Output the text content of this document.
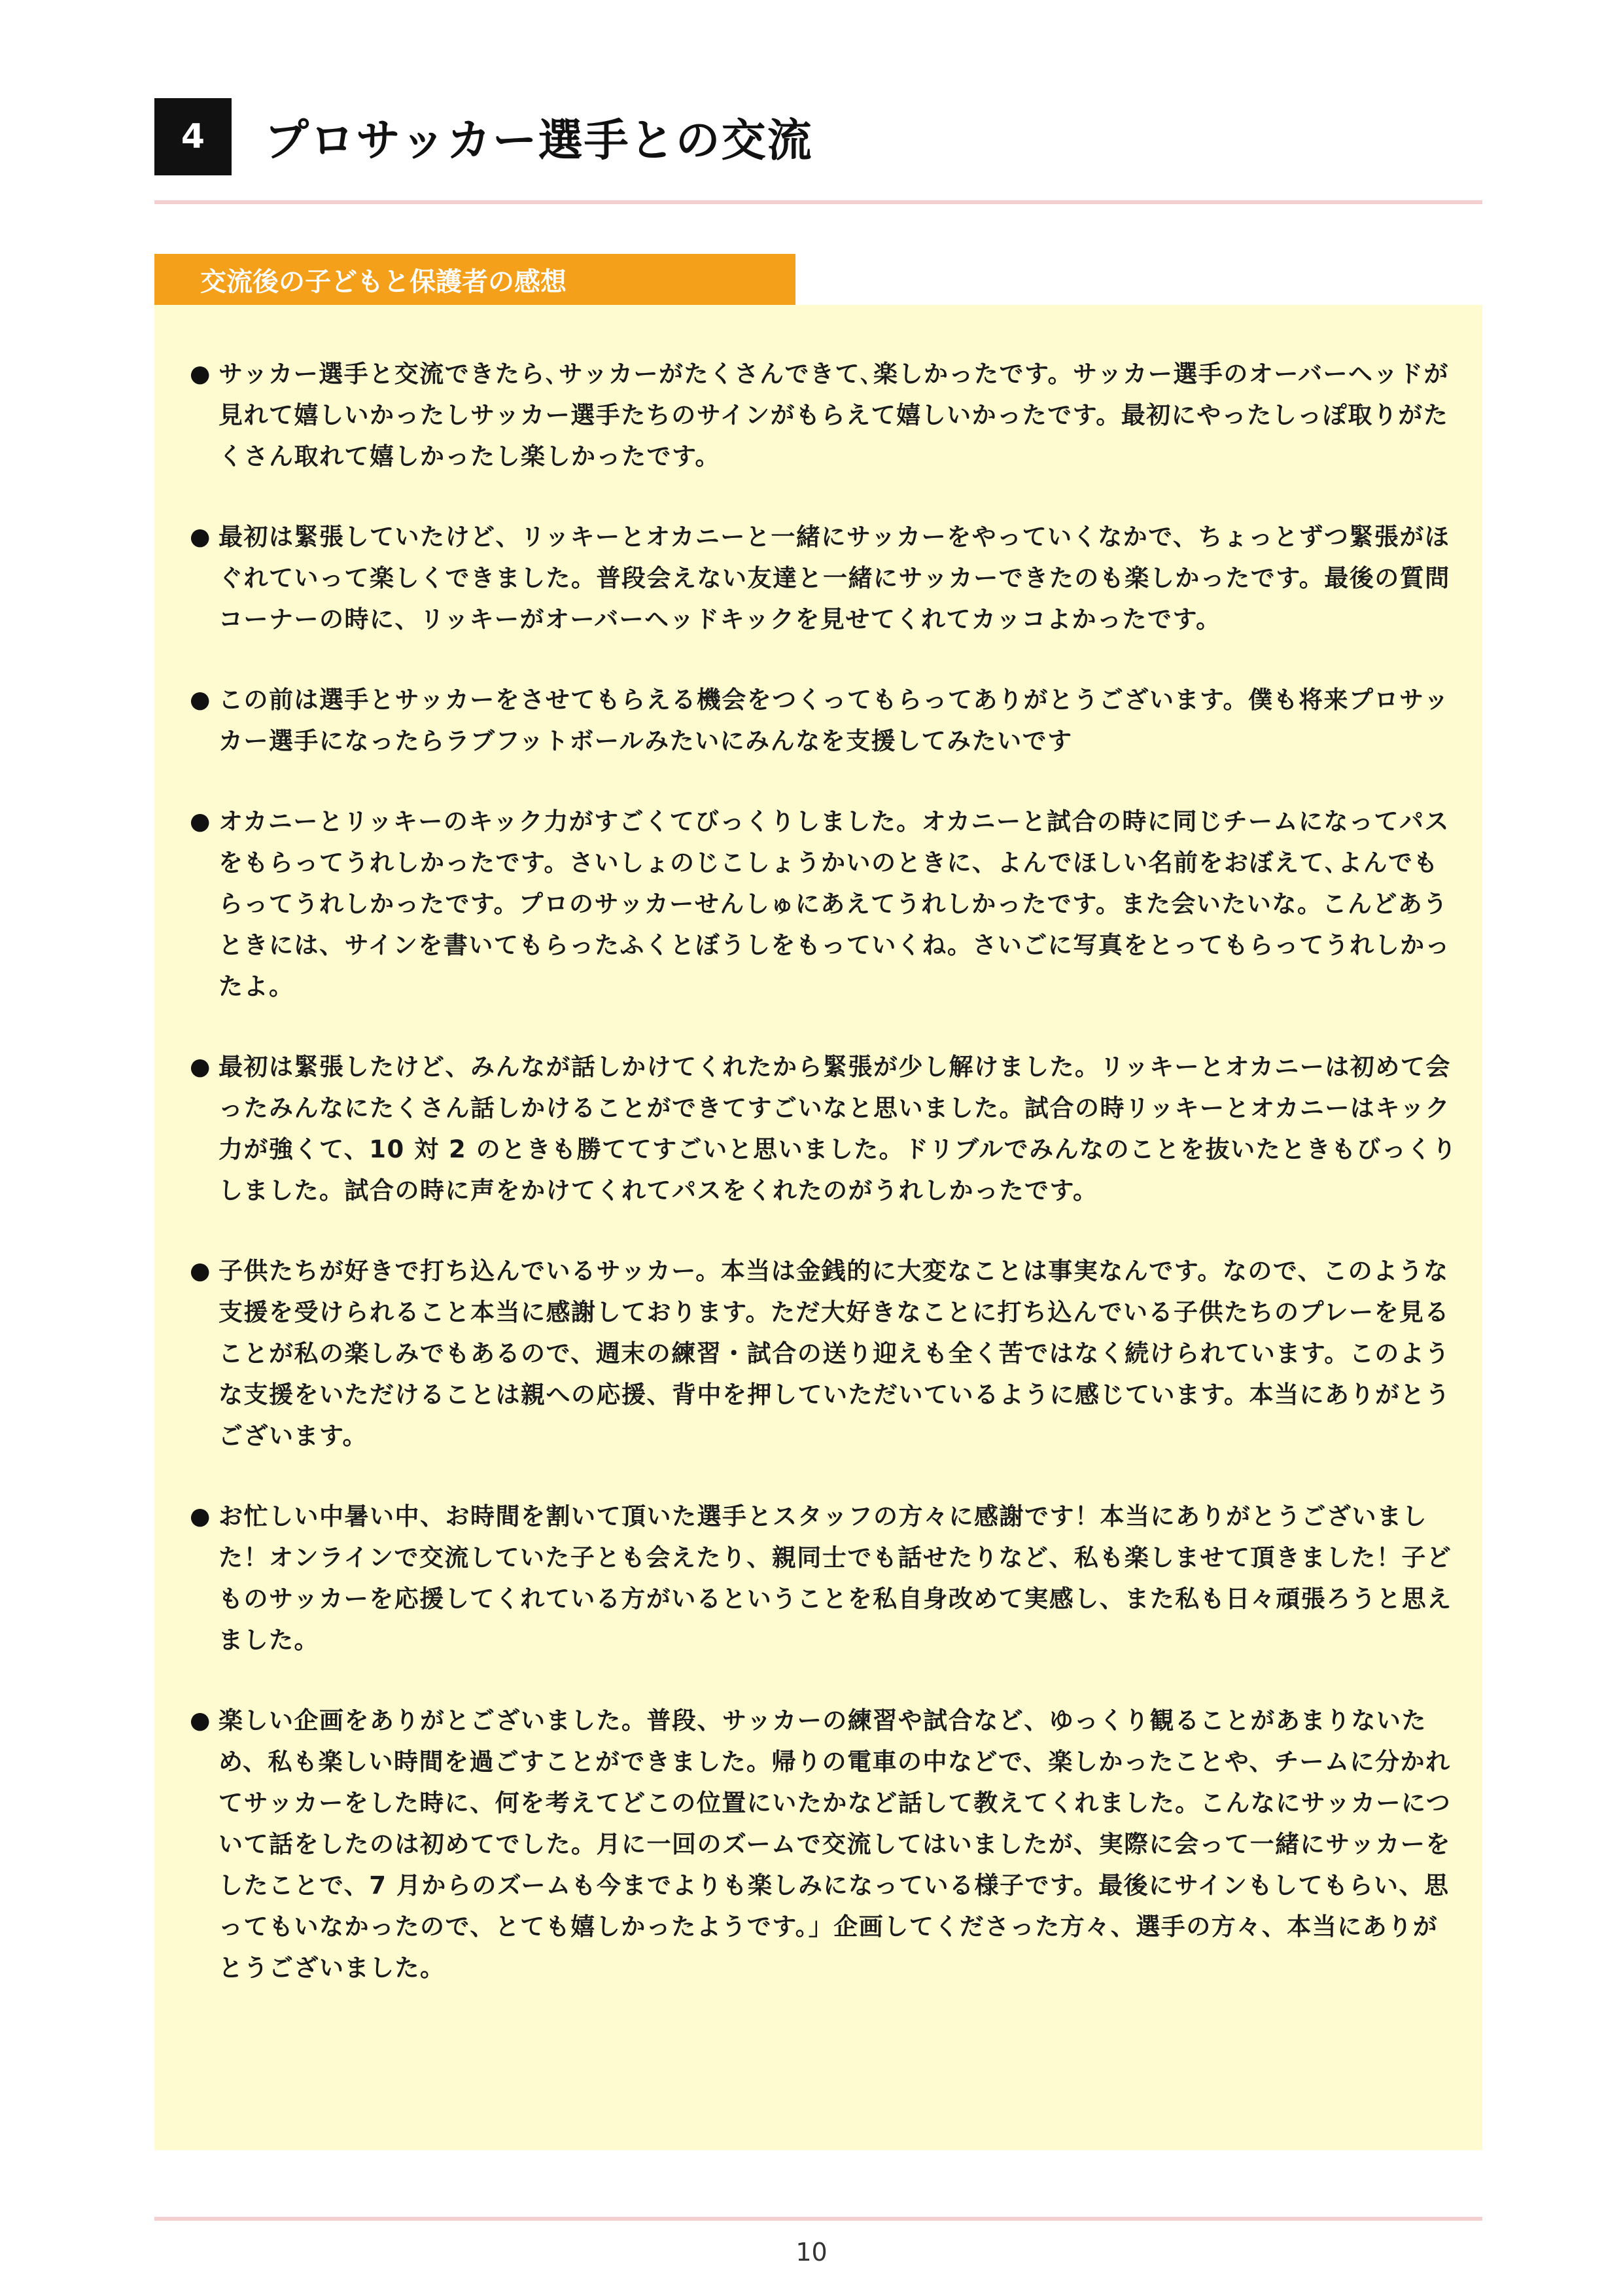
4	プロサッカー選手との交流
交流後の子どもと保護者の感想
● サッカー選手と交流できたら､サッカーがたくさんできて､楽しかったです。サッカー選手のオーバーヘッドが見れて嬉しいかったしサッカー選手たちのサインがもらえて嬉しいかったです。最初にやったしっぽ取りがたくさん取れて嬉しかったし楽しかったです。
● 最初は緊張していたけど、リッキーとオカニーと一緒にサッカーをやっていくなかで、ちょっとずつ緊張がほぐれていって楽しくできました。普段会えない友達と一緒にサッカーできたのも楽しかったです。最後の質問コーナーの時に、リッキーがオーバーヘッドキックを見せてくれてカッコよかったです。
● この前は選手とサッカーをさせてもらえる機会をつくってもらってありがとうございます。僕も将来プロサッカー選手になったらラブフットボールみたいにみんなを支援してみたいです
● オカニーとリッキーのキック力がすごくてびっくりしました。オカニーと試合の時に同じチームになってパスをもらってうれしかったです。さいしょのじこしょうかいのときに、よんでほしい名前をおぼえて､よんでもらってうれしかったです。プロのサッカーせんしゅにあえてうれしかったです。また会いたいな。こんどあうときには、サインを書いてもらったふくとぼうしをもっていくね。さいごに写真をとってもらってうれしかったよ。
● 最初は緊張したけど、みんなが話しかけてくれたから緊張が少し解けました。リッキーとオカニーは初めて会ったみんなにたくさん話しかけることができてすごいなと思いました。試合の時リッキーとオカニーはキック力が強くて、10 対 2 のときも勝ててすごいと思いました。ドリブルでみんなのことを抜いたときもびっくりしました。試合の時に声をかけてくれてパスをくれたのがうれしかったです。
● 子供たちが好きで打ち込んでいるサッカー。本当は金銭的に大変なことは事実なんです。なので、このような支援を受けられること本当に感謝しております。ただ大好きなことに打ち込んでいる子供たちのプレーを見ることが私の楽しみでもあるので、週末の練習・試合の送り迎えも全く苦ではなく続けられています。このような支援をいただけることは親への応援、背中を押していただいているように感じています。本当にありがとうございます。
● お忙しい中暑い中、お時間を割いて頂いた選手とスタッフの方々に感謝です！本当にありがとうございました！オンラインで交流していた子とも会えたり、親同士でも話せたりなど、私も楽しませて頂きました！子どものサッカーを応援してくれている方がいるということを私自身改めて実感し、また私も日々頑張ろうと思えました。
● 楽しい企画をありがとございました。普段、サッカーの練習や試合など、ゆっくり観ることがあまりないため、私も楽しい時間を過ごすことができました。帰りの電車の中などで、楽しかったことや、チームに分かれてサッカーをした時に、何を考えてどこの位置にいたかなど話して教えてくれました。こんなにサッカーについて話をしたのは初めてでした。月に一回のズームで交流してはいましたが、実際に会って一緒にサッカーをしたことで、7 月からのズームも今までよりも楽しみになっている様子です。最後にサインもしてもらい、思ってもいなかったので、とても嬉しかったようです。」企画してくださった方々、選手の方々、本当にありがとうございました。
10
